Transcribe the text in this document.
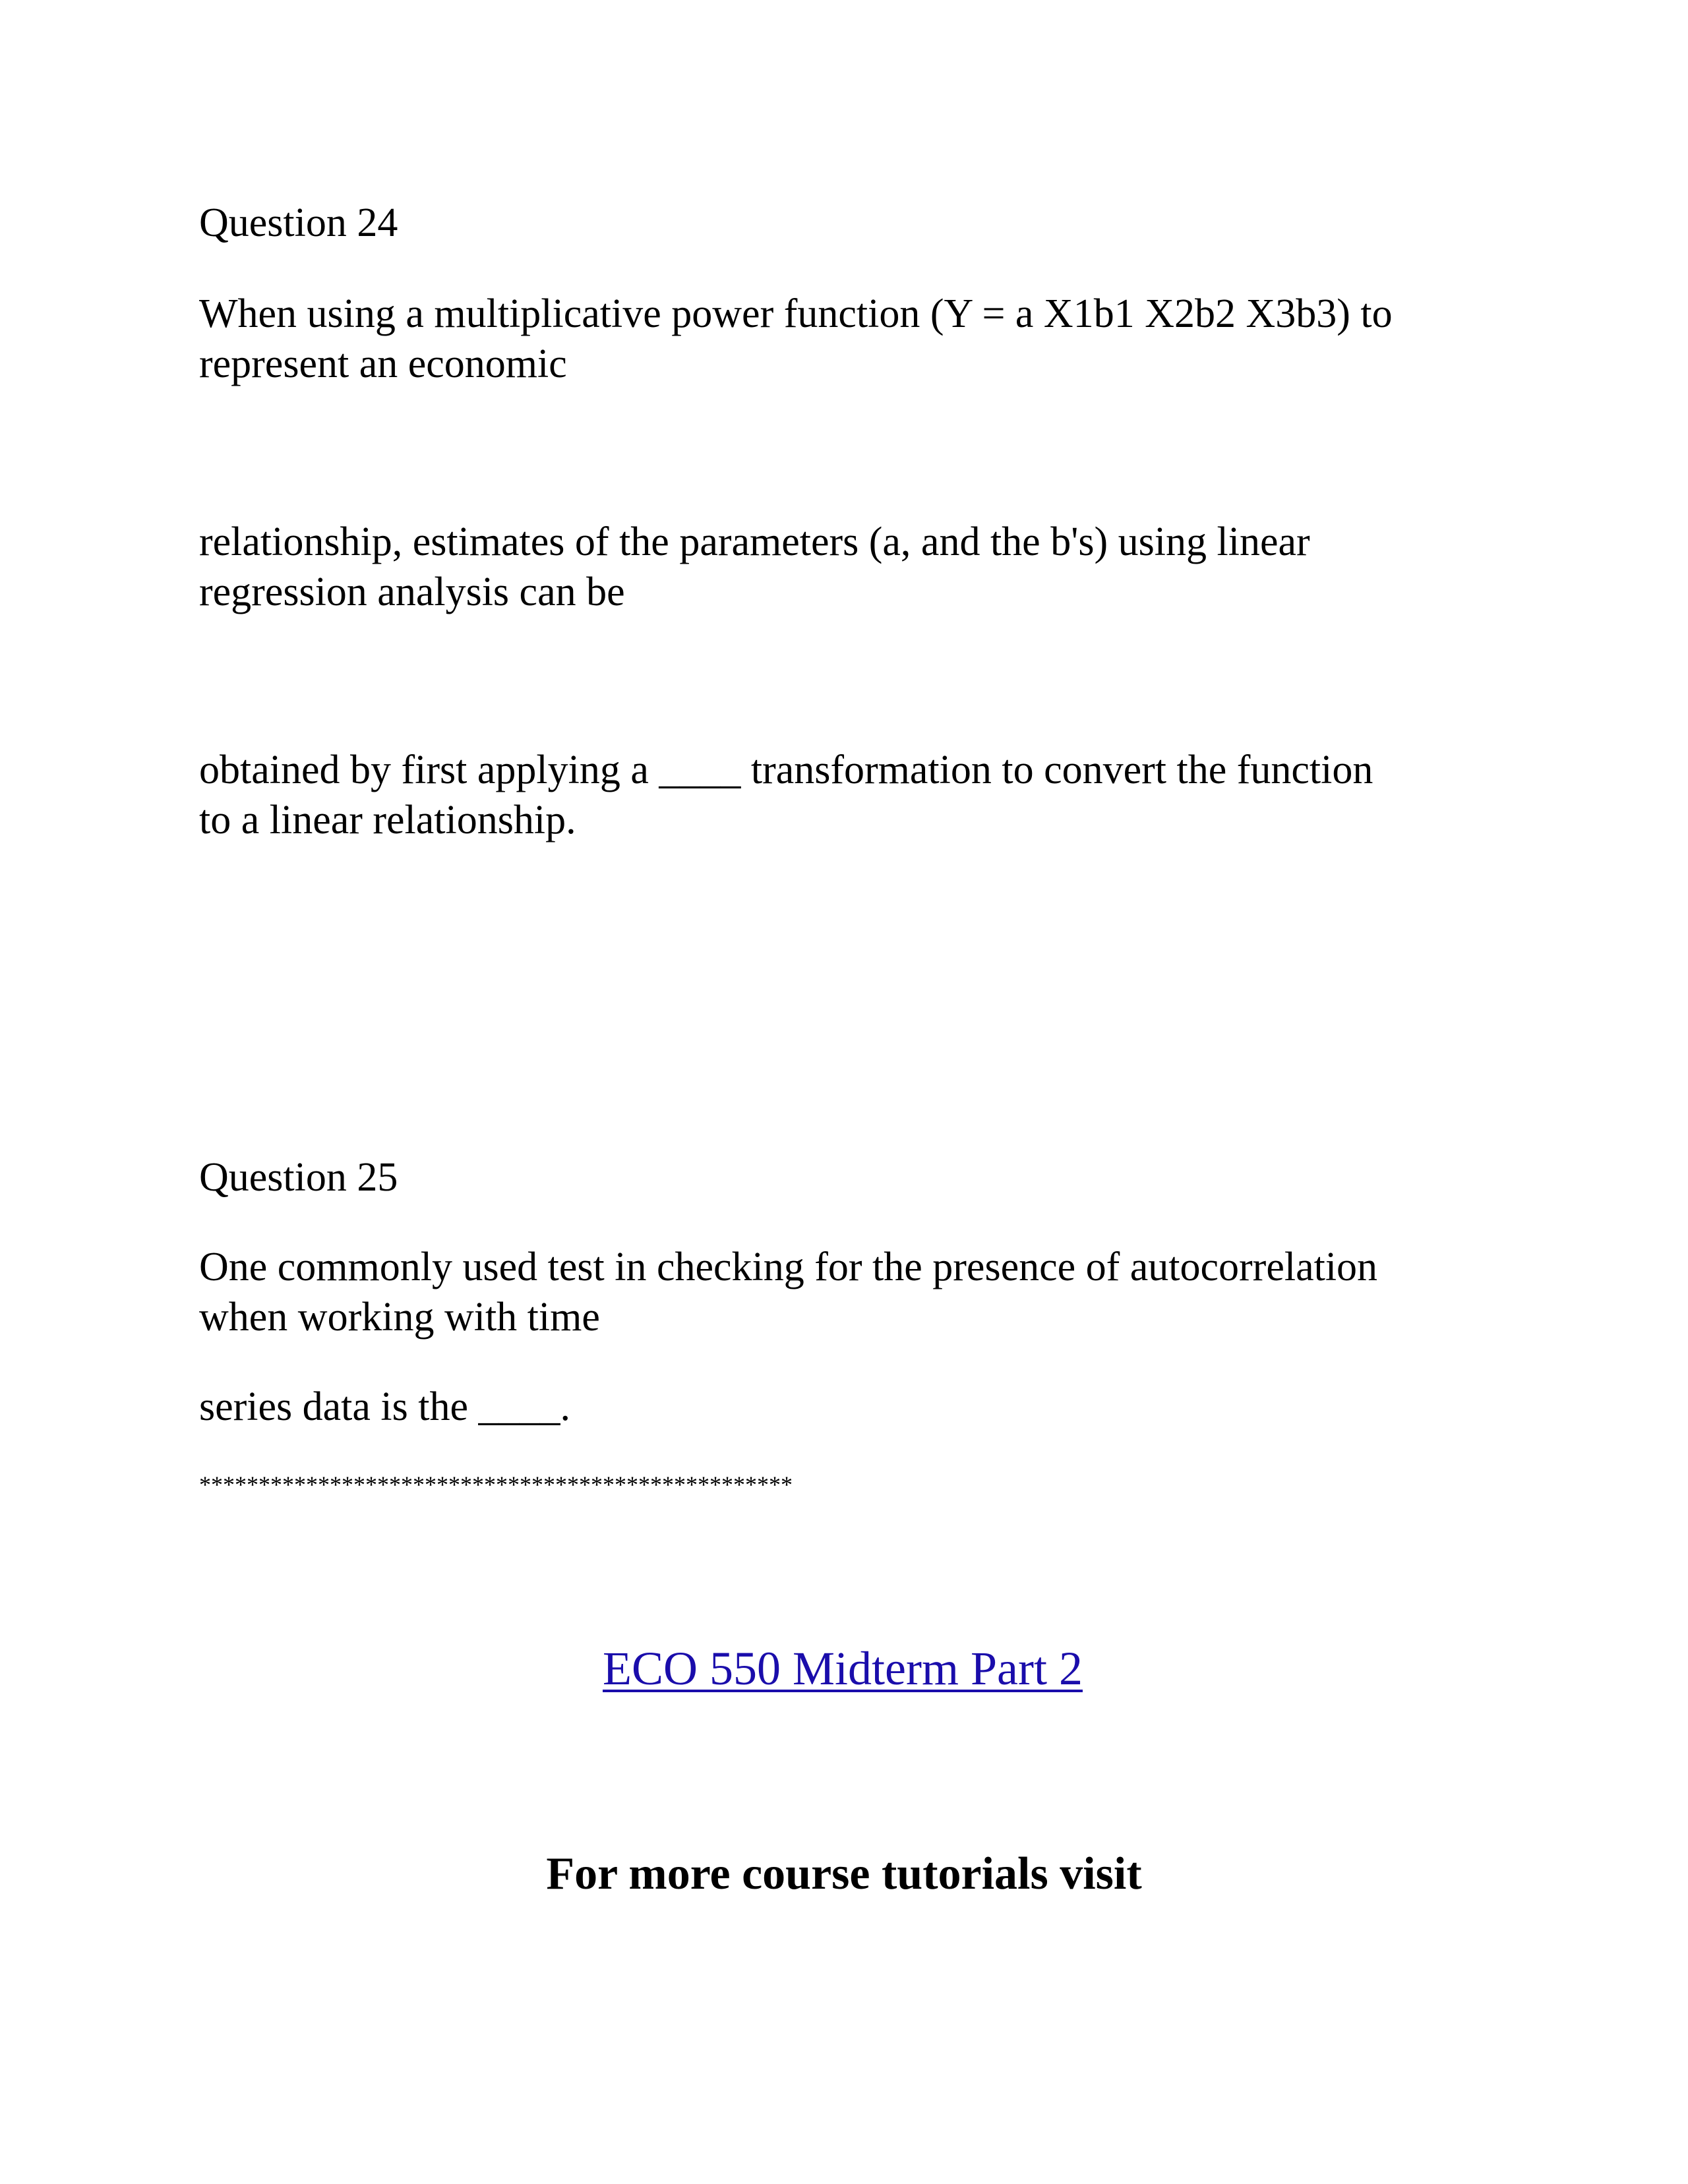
Question 24

When using a multiplicative power function (Y = a X1b1 X2b2 X3b3) to
represent an economic

relationship, estimates of the parameters (a, and the b's) using linear
regression analysis can be

obtained by first applying a ____ transformation to convert the function
to a linear relationship.

Question 25

One commonly used test in checking for the presence of autocorrelation
when working with time

series data is the ____.

**************************************************

ECO 550 Midterm Part 2

For more course tutorials visit
